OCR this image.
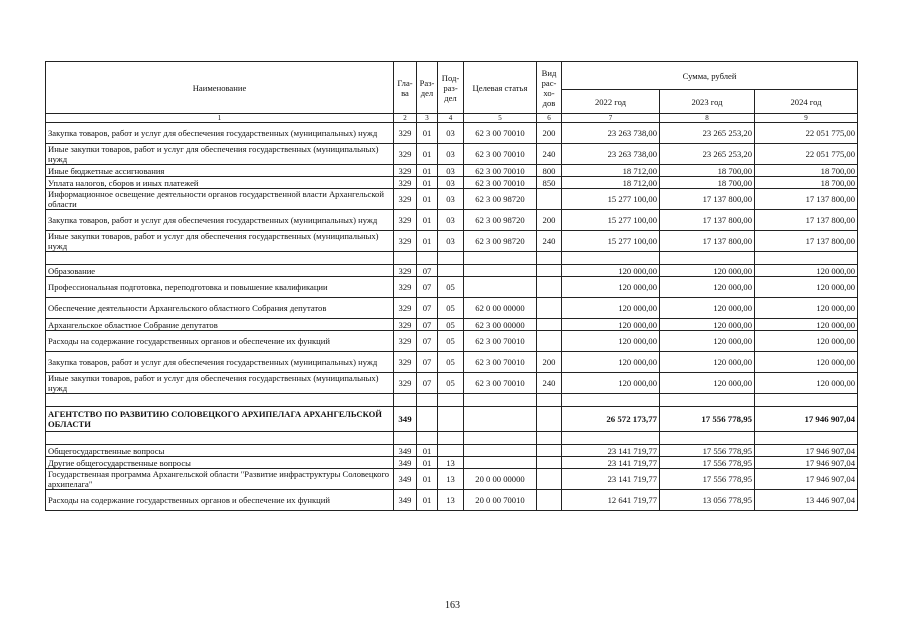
Наименование	Гла-ва	Раз-дел	Под-раз-дел	Целевая статья	Вид рас-хо-дов	Сумма, рублей		
						2022 год	2023 год	2024 год
1	2	3	4	5	6	7	8	9
Закупка товаров, работ и услуг для обеспечения государственных (муниципальных) нужд	329	01	03	62 3 00 70010	200	23 263 738,00	23 265 253,20	22 051 775,00
Иные закупки товаров, работ и услуг для обеспечения государственных (муниципальных) нужд	329	01	03	62 3 00 70010	240	23 263 738,00	23 265 253,20	22 051 775,00
Иные бюджетные ассигнования	329	01	03	62 3 00 70010	800	18 712,00	18 700,00	18 700,00
Уплата налогов, сборов и иных платежей	329	01	03	62 3 00 70010	850	18 712,00	18 700,00	18 700,00
Информационное освещение деятельности органов государственной власти Архангельской области	329	01	03	62 3 00 98720		15 277 100,00	17 137 800,00	17 137 800,00
Закупка товаров, работ и услуг для обеспечения государственных (муниципальных) нужд	329	01	03	62 3 00 98720	200	15 277 100,00	17 137 800,00	17 137 800,00
Иные закупки товаров, работ и услуг для обеспечения государственных (муниципальных) нужд	329	01	03	62 3 00 98720	240	15 277 100,00	17 137 800,00	17 137 800,00

Образование	329	07				120 000,00	120 000,00	120 000,00
Профессиональная подготовка, переподготовка и повышение квалификации	329	07	05			120 000,00	120 000,00	120 000,00
Обеспечение деятельности Архангельского областного Собрания депутатов	329	07	05	62 0 00 00000		120 000,00	120 000,00	120 000,00
Архангельское областное Собрание депутатов	329	07	05	62 3 00 00000		120 000,00	120 000,00	120 000,00
Расходы на содержание государственных органов и обеспечение их функций	329	07	05	62 3 00 70010		120 000,00	120 000,00	120 000,00
Закупка товаров, работ и услуг для обеспечения государственных (муниципальных) нужд	329	07	05	62 3 00 70010	200	120 000,00	120 000,00	120 000,00
Иные закупки товаров, работ и услуг для обеспечения государственных (муниципальных) нужд	329	07	05	62 3 00 70010	240	120 000,00	120 000,00	120 000,00

АГЕНТСТВО ПО РАЗВИТИЮ СОЛОВЕЦКОГО АРХИПЕЛАГА АРХАНГЕЛЬСКОЙ ОБЛАСТИ	349					26 572 173,77	17 556 778,95	17 946 907,04

Общегосударственные вопросы	349	01				23 141 719,77	17 556 778,95	17 946 907,04
Другие общегосударственные вопросы	349	01	13			23 141 719,77	17 556 778,95	17 946 907,04
Государственная программа Архангельской области "Развитие инфраструктуры Соловецкого архипелага"	349	01	13	20 0 00 00000		23 141 719,77	17 556 778,95	17 946 907,04
Расходы на содержание государственных органов и обеспечение их функций	349	01	13	20 0 00 70010		12 641 719,77	13 056 778,95	13 446 907,04
163
